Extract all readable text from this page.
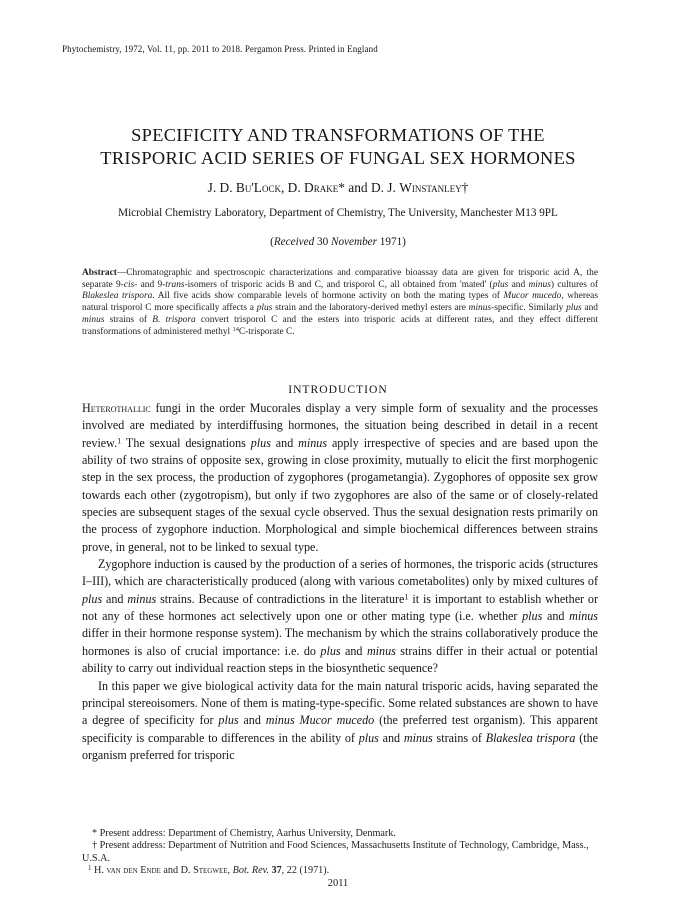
Phytochemistry, 1972, Vol. 11, pp. 2011 to 2018. Pergamon Press. Printed in England
SPECIFICITY AND TRANSFORMATIONS OF THE
TRISPORIC ACID SERIES OF FUNGAL SEX HORMONES
J. D. Bu'Lock, D. Drake* and D. J. Winstanley†
Microbial Chemistry Laboratory, Department of Chemistry, The University, Manchester M13 9PL
(Received 30 November 1971)

Abstract—Chromatographic and spectroscopic characterizations and comparative bioassay data are given for trisporic acid A, the separate 9-cis- and 9-trans-isomers of trisporic acids B and C, and trisporol C, all obtained from 'mated' (plus and minus) cultures of Blakeslea trispora. All five acids show comparable levels of hormone activity on both the mating types of Mucor mucedo, whereas natural trisporol C more specifically affects a plus strain and the laboratory-derived methyl esters are minus-specific. Similarly plus and minus strains of B. trispora convert trisporol C and the esters into trisporic acids at different rates, and they effect different transformations of administered methyl $^{14}$C-trisporate C.

INTRODUCTION

Heterothallic fungi in the order Mucorales display a very simple form of sexuality and the processes involved are mediated by interdiffusing hormones, the situation being described in detail in a recent review.$^1$ The sexual designations plus and minus apply irrespective of species and are based upon the ability of two strains of opposite sex, growing in close proximity, mutually to elicit the first morphogenic step in the sex process, the production of zygophores (progametangia). Zygophores of opposite sex grow towards each other (zygotropism), but only if two zygophores are also of the same or of closely-related species are subsequent stages of the sexual cycle observed. Thus the sexual designation rests primarily on the process of zygophore induction. Morphological and simple biochemical differences between strains prove, in general, not to be linked to sexual type.

Zygophore induction is caused by the production of a series of hormones, the trisporic acids (structures I–III), which are characteristically produced (along with various cometabolites) only by mixed cultures of plus and minus strains. Because of contradictions in the literature$^1$ it is important to establish whether or not any of these hormones act selectively upon one or other mating type (i.e. whether plus and minus differ in their hormone response system). The mechanism by which the strains collaboratively produce the hormones is also of crucial importance: i.e. do plus and minus strains differ in their actual or potential ability to carry out individual reaction steps in the biosynthetic sequence?

In this paper we give biological activity data for the main natural trisporic acids, having separated the principal stereoisomers. None of them is mating-type-specific. Some related substances are shown to have a degree of specificity for plus and minus Mucor mucedo (the preferred test organism). This apparent specificity is comparable to differences in the ability of plus and minus strains of Blakeslea trispora (the organism preferred for trisporic

* Present address: Department of Chemistry, Aarhus University, Denmark.

† Present address: Department of Nutrition and Food Sciences, Massachusetts Institute of Technology, Cambridge, Mass., U.S.A.

$^1$ H. van den Ende and D. Stegwee, Bot. Rev. 37, 22 (1971).

2011
